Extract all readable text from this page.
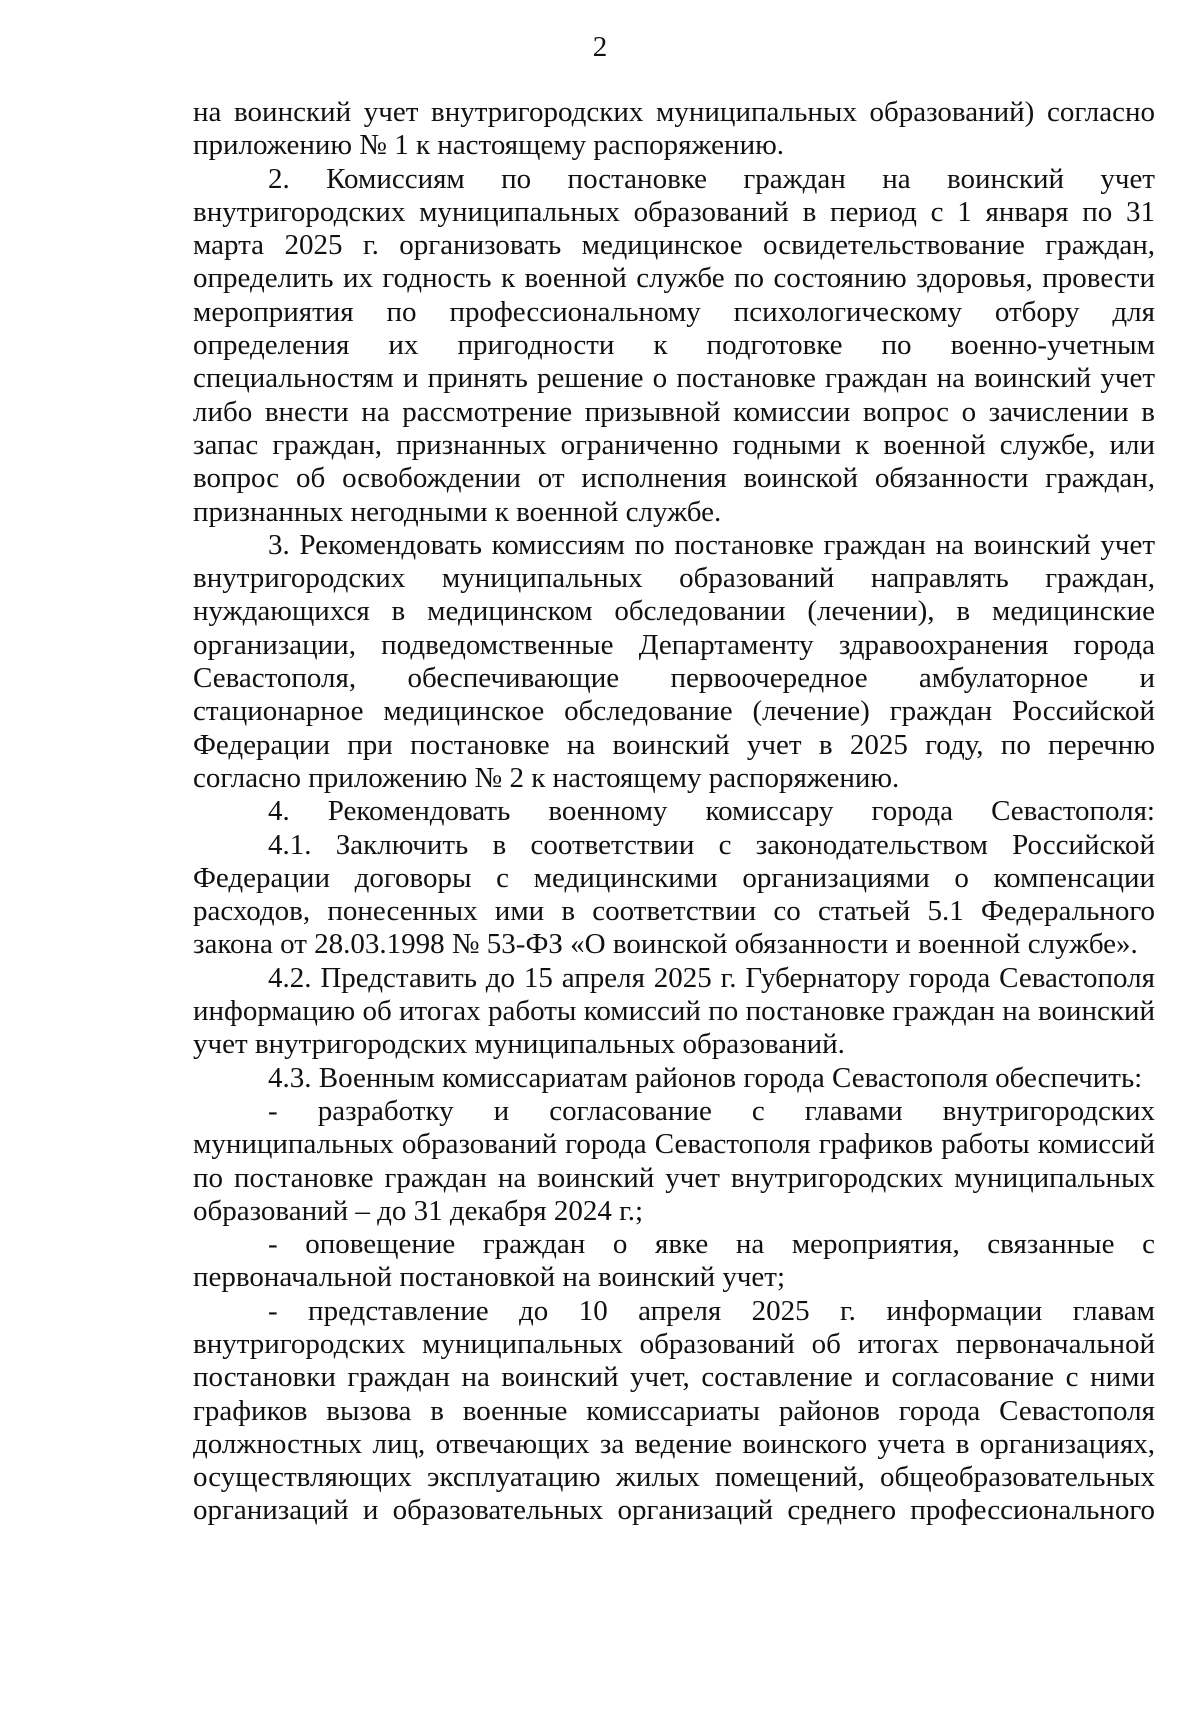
2

на воинский учет внутригородских муниципальных образований) согласно приложению № 1 к настоящему распоряжению.

2. Комиссиям по постановке граждан на воинский учет внутригородских муниципальных образований в период с 1 января по 31 марта 2025 г. организовать медицинское освидетельствование граждан, определить их годность к военной службе по состоянию здоровья, провести мероприятия по профессиональному психологическому отбору для определения их пригодности к подготовке по военно-учетным специальностям и принять решение о постановке граждан на воинский учет либо внести на рассмотрение призывной комиссии вопрос о зачислении в запас граждан, признанных ограниченно годными к военной службе, или вопрос об освобождении от исполнения воинской обязанности граждан, признанных негодными к военной службе.

3. Рекомендовать комиссиям по постановке граждан на воинский учет внутригородских муниципальных образований направлять граждан, нуждающихся в медицинском обследовании (лечении), в медицинские организации, подведомственные Департаменту здравоохранения города Севастополя, обеспечивающие первоочередное амбулаторное и стационарное медицинское обследование (лечение) граждан Российской Федерации при постановке на воинский учет в 2025 году, по перечню согласно приложению № 2 к настоящему распоряжению.

4. Рекомендовать военному комиссару города Севастополя:

4.1. Заключить в соответствии с законодательством Российской Федерации договоры с медицинскими организациями о компенсации расходов, понесенных ими в соответствии со статьей 5.1 Федерального закона от 28.03.1998 № 53-ФЗ «О воинской обязанности и военной службе».

4.2. Представить до 15 апреля 2025 г. Губернатору города Севастополя информацию об итогах работы комиссий по постановке граждан на воинский учет внутригородских муниципальных образований.

4.3. Военным комиссариатам районов города Севастополя обеспечить:

- разработку и согласование с главами внутригородских муниципальных образований города Севастополя графиков работы комиссий по постановке граждан на воинский учет внутригородских муниципальных образований – до 31 декабря 2024 г.;

- оповещение граждан о явке на мероприятия, связанные с первоначальной постановкой на воинский учет;

- представление до 10 апреля 2025 г. информации главам внутригородских муниципальных образований об итогах первоначальной постановки граждан на воинский учет, составление и согласование с ними графиков вызова в военные комиссариаты районов города Севастополя должностных лиц, отвечающих за ведение воинского учета в организациях, осуществляющих эксплуатацию жилых помещений, общеобразовательных организаций и образовательных организаций среднего профессионального
